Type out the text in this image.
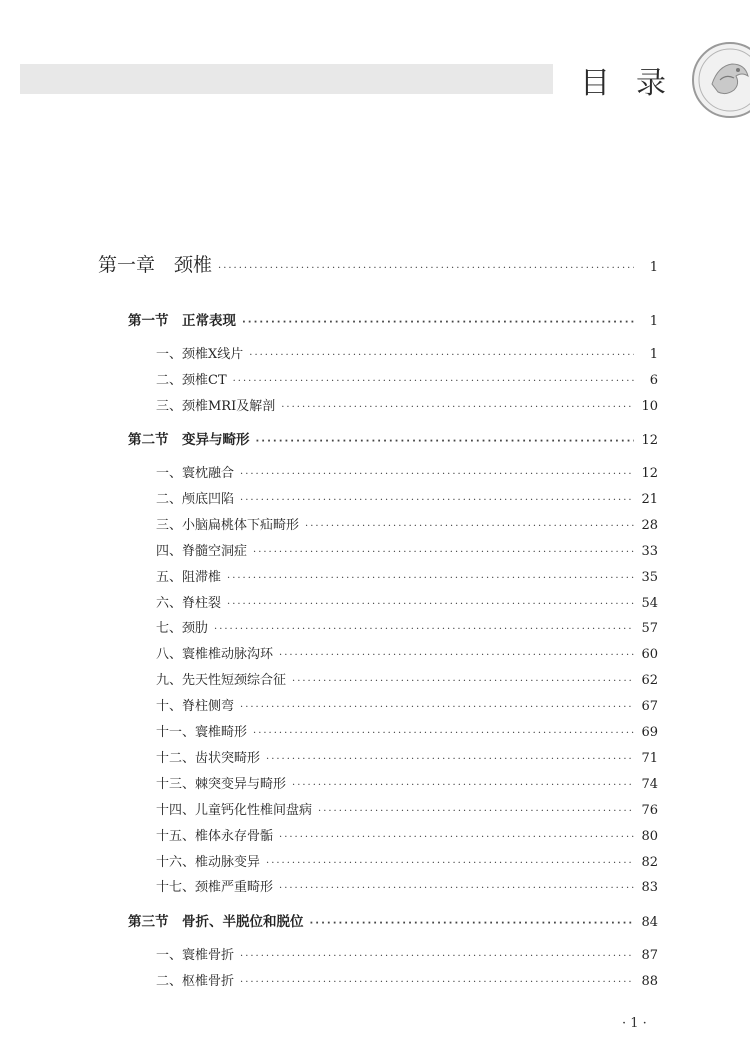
目录
第一章　颈椎 ·····	1
第一节　正常表现 ·····	1
一、颈椎X线片 ·····	1
二、颈椎CT ·····	6
三、颈椎MRI及解剖 ·····	10
第二节　变异与畸形 ·····	12
一、寰枕融合 ·····	12
二、颅底凹陷 ·····	21
三、小脑扁桃体下疝畸形 ·····	28
四、脊髓空洞症 ·····	33
五、阻滞椎 ·····	35
六、脊柱裂 ·····	54
七、颈肋 ·····	57
八、寰椎椎动脉沟环 ·····	60
九、先天性短颈综合征 ·····	62
十、脊柱侧弯 ·····	67
十一、寰椎畸形 ·····	69
十二、齿状突畸形 ·····	71
十三、棘突变异与畸形 ·····	74
十四、儿童钙化性椎间盘病 ·····	76
十五、椎体永存骨骺 ·····	80
十六、椎动脉变异 ·····	82
十七、颈椎严重畸形 ·····	83
第三节　骨折、半脱位和脱位 ·····	84
一、寰椎骨折 ·····	87
二、枢椎骨折 ·····	88
· 1 ·
